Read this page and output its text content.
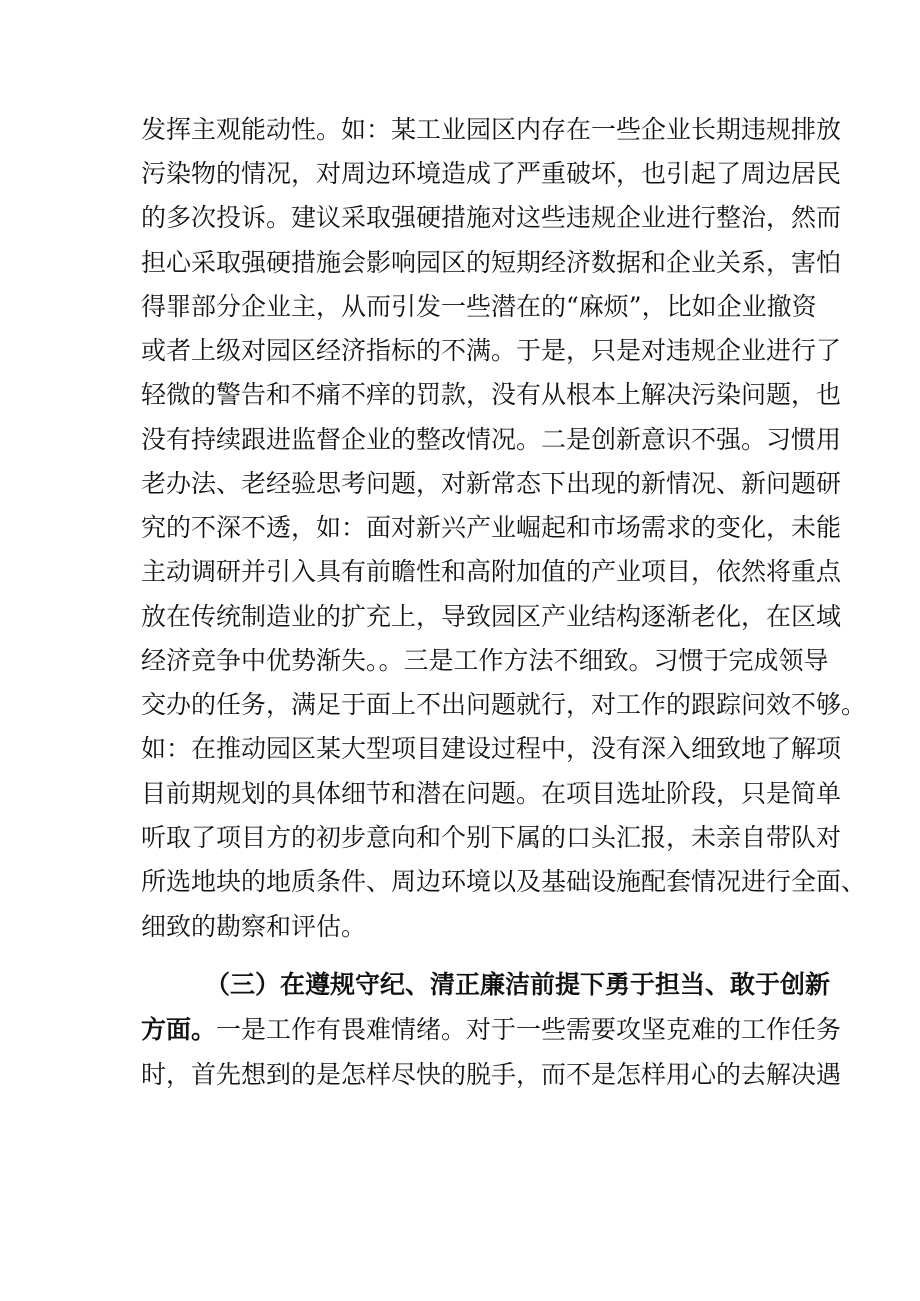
发挥主观能动性。如：某工业园区内存在一些企业长期违规排放
污染物的情况，对周边环境造成了严重破坏，也引起了周边居民
的多次投诉。建议采取强硬措施对这些违规企业进行整治，然而
担心采取强硬措施会影响园区的短期经济数据和企业关系，害怕
得罪部分企业主，从而引发一些潜在的“麻烦”，比如企业撤资
或者上级对园区经济指标的不满。于是，只是对违规企业进行了
轻微的警告和不痛不痒的罚款，没有从根本上解决污染问题，也
没有持续跟进监督企业的整改情况。二是创新意识不强。习惯用
老办法、老经验思考问题，对新常态下出现的新情况、新问题研
究的不深不透，如：面对新兴产业崛起和市场需求的变化，未能
主动调研并引入具有前瞻性和高附加值的产业项目，依然将重点
放在传统制造业的扩充上，导致园区产业结构逐渐老化，在区域
经济竞争中优势渐失。。三是工作方法不细致。习惯于完成领导
交办的任务，满足于面上不出问题就行，对工作的跟踪问效不够。
如：在推动园区某大型项目建设过程中，没有深入细致地了解项
目前期规划的具体细节和潜在问题。在项目选址阶段，只是简单
听取了项目方的初步意向和个别下属的口头汇报，未亲自带队对
所选地块的地质条件、周边环境以及基础设施配套情况进行全面、
细致的勘察和评估。
（三）在遵规守纪、清正廉洁前提下勇于担当、敢于创新
方面。一是工作有畏难情绪。对于一些需要攻坚克难的工作任务
时，首先想到的是怎样尽快的脱手，而不是怎样用心的去解决遇
